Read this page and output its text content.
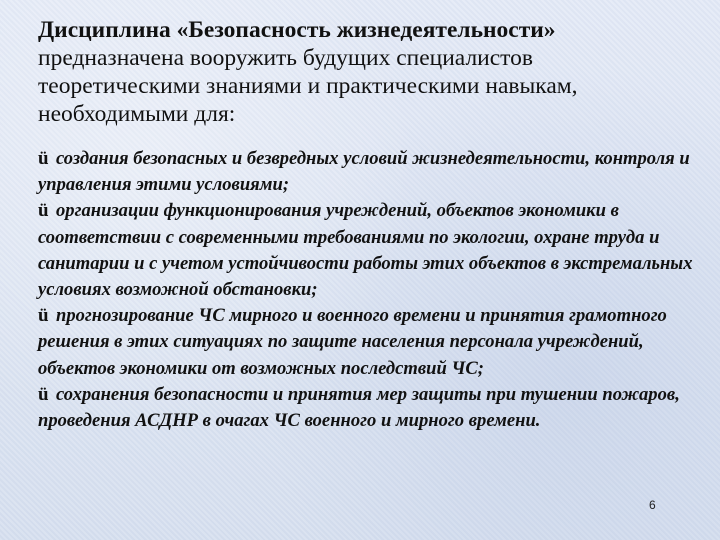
Дисциплина «Безопасность жизнедеятельности» предназначена вооружить будущих специалистов теоретическими знаниями и практическими навыкам, необходимыми для:
ü создания безопасных и безвредных условий жизнедеятельности, контроля и управления этими условиями;
ü организации функционирования учреждений, объектов экономики в соответствии с современными требованиями по экологии, охране труда и санитарии и с учетом устойчивости работы этих объектов в экстремальных условиях возможной обстановки;
ü прогнозирование ЧС мирного и военного времени и принятия грамотного решения в этих ситуациях по защите населения персонала учреждений, объектов экономики от возможных последствий ЧС;
ü сохранения безопасности и принятия мер защиты при тушении пожаров, проведения АСДНР в очагах ЧС военного и мирного времени.
6
